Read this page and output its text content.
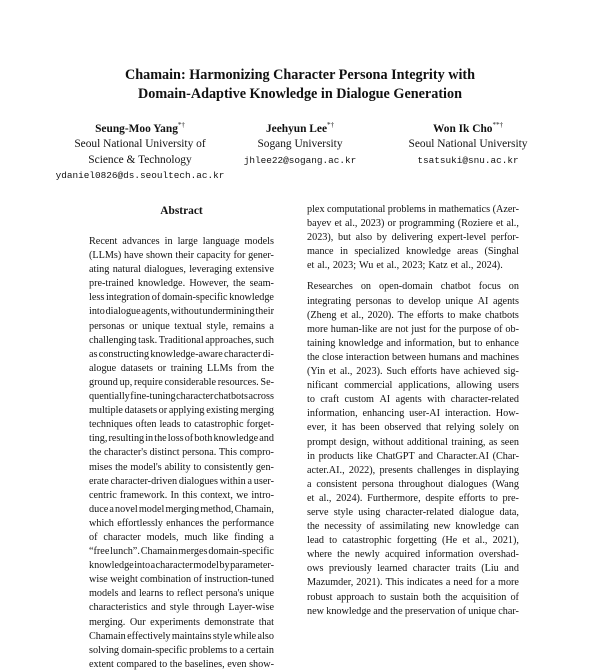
Chamain: Harmonizing Character Persona Integrity with
Domain-Adaptive Knowledge in Dialogue Generation
Seung-Moo Yang*†
Seoul National University of
Science & Technology
ydaniel0826@ds.seoultech.ac.kr
Jeehyun Lee*†
Sogang University
jhlee22@sogang.ac.kr
Won Ik Cho**†
Seoul National University
tsatsuki@snu.ac.kr
Abstract
Recent advances in large language models
(LLMs) have shown their capacity for gener-
ating natural dialogues, leveraging extensive
pre-trained knowledge. However, the seam-
less integration of domain-specific knowledge
into dialogue agents, without undermining their
personas or unique textual style, remains a
challenging task. Traditional approaches, such
as constructing knowledge-aware character di-
alogue datasets or training LLMs from the
ground up, require considerable resources. Se-
quentially fine-tuning character chatbots across
multiple datasets or applying existing merging
techniques often leads to catastrophic forget-
ting, resulting in the loss of both knowledge and
the character's distinct persona. This compro-
mises the model's ability to consistently gen-
erate character-driven dialogues within a user-
centric framework. In this context, we intro-
duce a novel model merging method, Chamain,
which effortlessly enhances the performance
of character models, much like finding a
“free lunch”. Chamain merges domain-specific
knowledge into a character model by parameter-
wise weight combination of instruction-tuned
models and learns to reflect persona's unique
characteristics and style through Layer-wise
merging. Our experiments demonstrate that
Chamain effectively maintains style while also
solving domain-specific problems to a certain
extent compared to the baselines, even show-
plex computational problems in mathematics (Azer-
bayev et al., 2023) or programming (Roziere et al.,
2023), but also by delivering expert-level perfor-
mance in specialized knowledge areas (Singhal
et al., 2023; Wu et al., 2023; Katz et al., 2024).
Researches on open-domain chatbot focus on
integrating personas to develop unique AI agents
(Zheng et al., 2020). The efforts to make chatbots
more human-like are not just for the purpose of ob-
taining knowledge and information, but to enhance
the close interaction between humans and machines
(Yin et al., 2023). Such efforts have achieved sig-
nificant commercial applications, allowing users
to craft custom AI agents with character-related
information, enhancing user-AI interaction. How-
ever, it has been observed that relying solely on
prompt design, without additional training, as seen
in products like ChatGPT and Character.AI (Char-
acter.AI., 2022), presents challenges in displaying
a consistent persona throughout dialogues (Wang
et al., 2024). Furthermore, despite efforts to pre-
serve style using character-related dialogue data,
the necessity of assimilating new knowledge can
lead to catastrophic forgetting (He et al., 2021),
where the newly acquired information overshad-
ows previously learned character traits (Liu and
Mazumder, 2021). This indicates a need for a more
robust approach to sustain both the acquisition of
new knowledge and the preservation of unique char-
